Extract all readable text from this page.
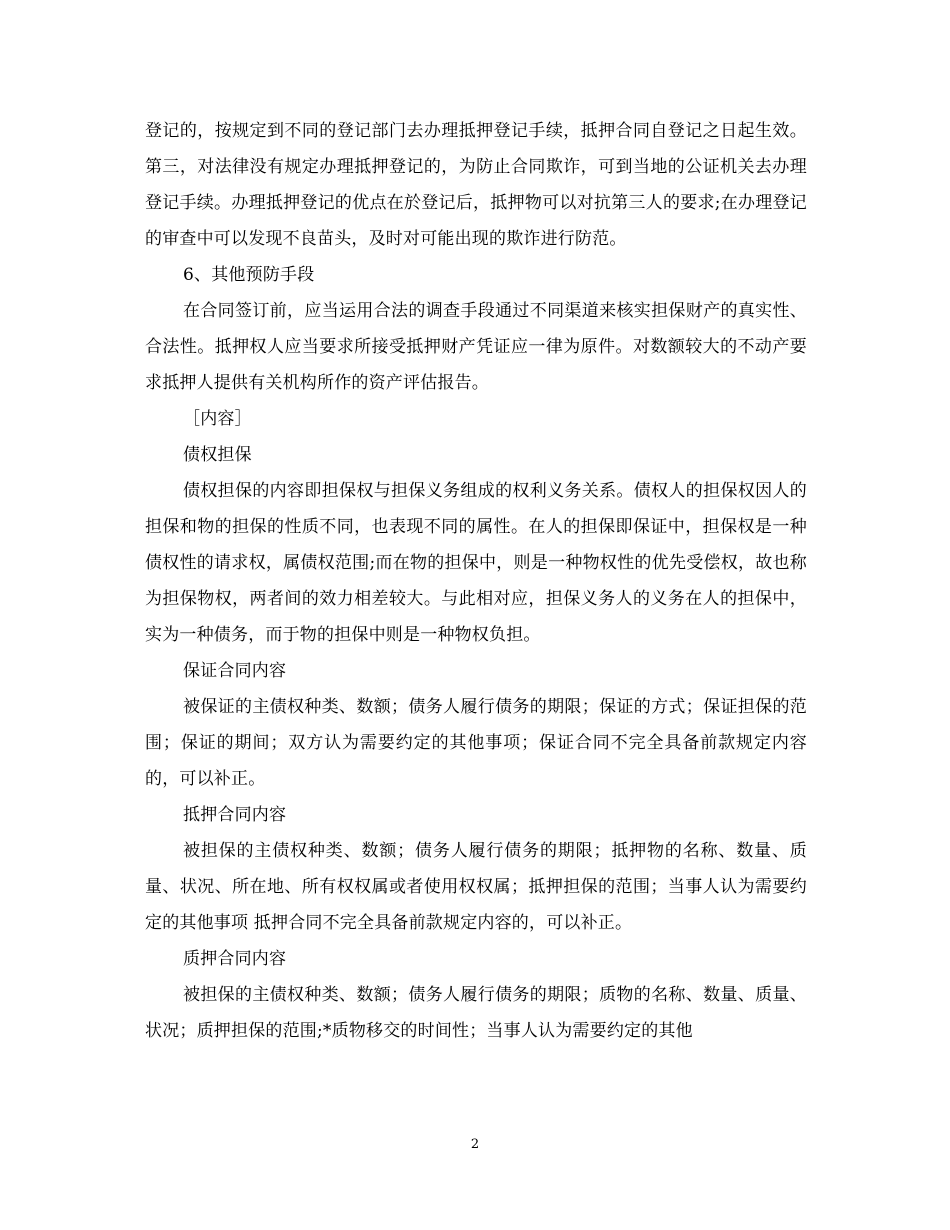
登记的，按规定到不同的登记部门去办理抵押登记手续，抵押合同自登记之日起生效。第三，对法律没有规定办理抵押登记的，为防止合同欺诈，可到当地的公证机关去办理登记手续。办理抵押登记的优点在於登记后，抵押物可以对抗第三人的要求;在办理登记的审查中可以发现不良苗头，及时对可能出现的欺诈进行防范。

6、其他预防手段

在合同签订前，应当运用合法的调查手段通过不同渠道来核实担保财产的真实性、合法性。抵押权人应当要求所接受抵押财产凭证应一律为原件。对数额较大的不动产要求抵押人提供有关机构所作的资产评估报告。

［内容］

债权担保

债权担保的内容即担保权与担保义务组成的权利义务关系。债权人的担保权因人的担保和物的担保的性质不同，也表现不同的属性。在人的担保即保证中，担保权是一种债权性的请求权，属债权范围;而在物的担保中，则是一种物权性的优先受偿权，故也称为担保物权，两者间的效力相差较大。与此相对应，担保义务人的义务在人的担保中，实为一种债务，而于物的担保中则是一种物权负担。

保证合同内容

被保证的主债权种类、数额；债务人履行债务的期限；保证的方式；保证担保的范围；保证的期间；双方认为需要约定的其他事项；保证合同不完全具备前款规定内容的，可以补正。

抵押合同内容

被担保的主债权种类、数额；债务人履行债务的期限；抵押物的名称、数量、质量、状况、所在地、所有权权属或者使用权权属；抵押担保的范围；当事人认为需要约定的其他事项 抵押合同不完全具备前款规定内容的，可以补正。

质押合同内容

被担保的主债权种类、数额；债务人履行债务的期限；质物的名称、数量、质量、状况；质押担保的范围;*质物移交的时间性；当事人认为需要约定的其他

2
